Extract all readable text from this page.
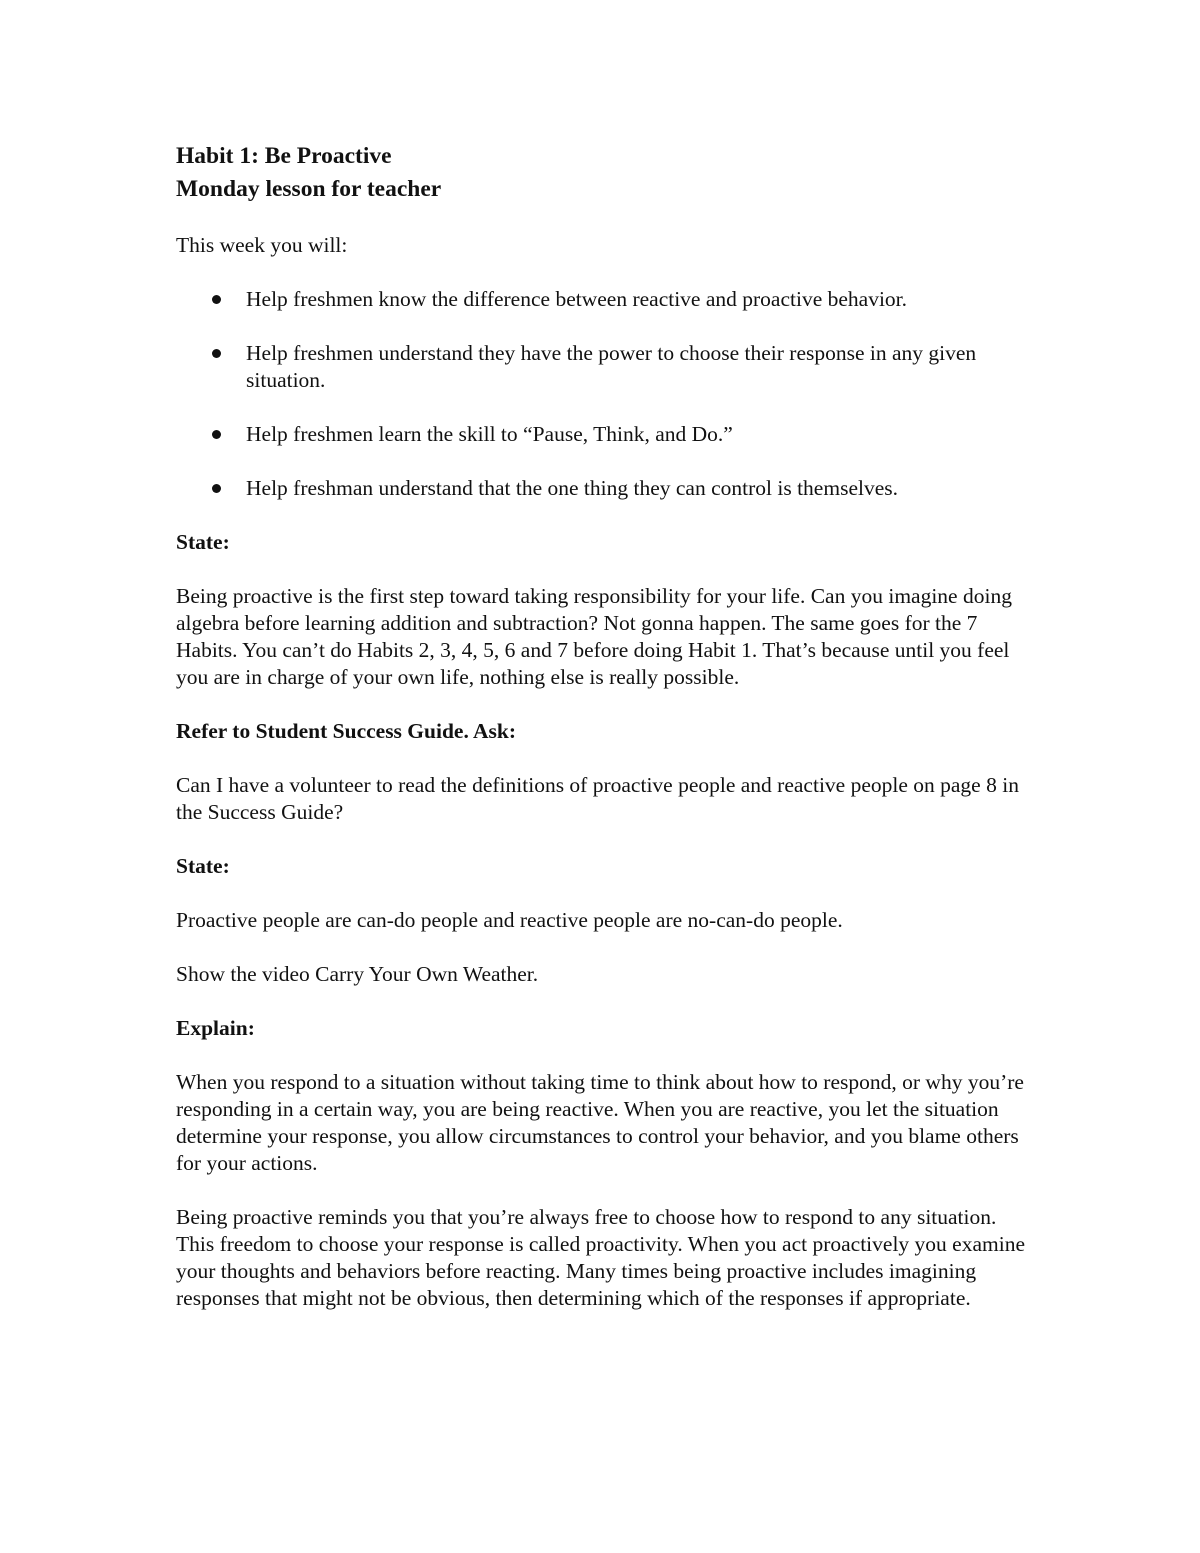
Habit 1: Be Proactive

Monday lesson for teacher

This week you will:

Help freshmen know the difference between reactive and proactive behavior.
Help freshmen understand they have the power to choose their response in any given situation.
Help freshmen learn the skill to “Pause, Think, and Do.”
Help freshman understand that the one thing they can control is themselves.

State:

Being proactive is the first step toward taking responsibility for your life. Can you imagine doing algebra before learning addition and subtraction? Not gonna happen. The same goes for the 7 Habits. You can’t do Habits 2, 3, 4, 5, 6 and 7 before doing Habit 1. That’s because until you feel you are in charge of your own life, nothing else is really possible.

Refer to Student Success Guide. Ask:

Can I have a volunteer to read the definitions of proactive people and reactive people on page 8 in the Success Guide?

State:

Proactive people are can-do people and reactive people are no-can-do people.

Show the video Carry Your Own Weather.

Explain:

When you respond to a situation without taking time to think about how to respond, or why you’re responding in a certain way, you are being reactive. When you are reactive, you let the situation determine your response, you allow circumstances to control your behavior, and you blame others for your actions.

Being proactive reminds you that you’re always free to choose how to respond to any situation. This freedom to choose your response is called proactivity. When you act proactively you examine your thoughts and behaviors before reacting. Many times being proactive includes imagining responses that might not be obvious, then determining which of the responses if appropriate.
